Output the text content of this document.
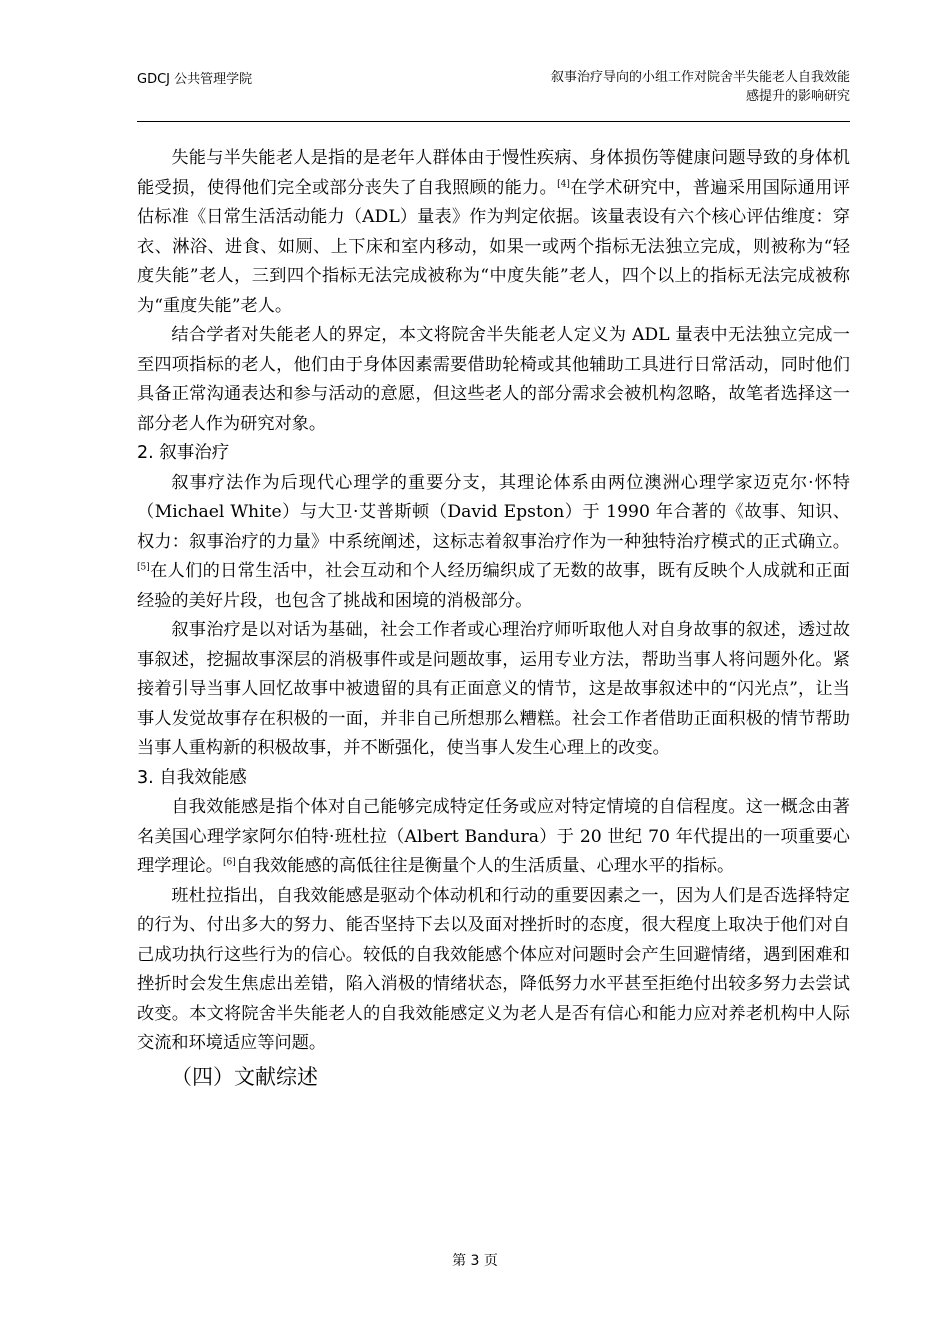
GDCJ 公共管理学院	叙事治疗导向的小组工作对院舍半失能老人自我效能感提升的影响研究

失能与半失能老人是指的是老年人群体由于慢性疾病、身体损伤等健康问题导致的身体机能受损，使得他们完全或部分丧失了自我照顾的能力。[4]在学术研究中，普遍采用国际通用评估标准《日常生活活动能力（ADL）量表》作为判定依据。该量表设有六个核心评估维度：穿衣、淋浴、进食、如厕、上下床和室内移动，如果一或两个指标无法独立完成，则被称为“轻度失能”老人，三到四个指标无法完成被称为“中度失能”老人，四个以上的指标无法完成被称为“重度失能”老人。

结合学者对失能老人的界定，本文将院舍半失能老人定义为 ADL 量表中无法独立完成一至四项指标的老人，他们由于身体因素需要借助轮椅或其他辅助工具进行日常活动，同时他们具备正常沟通表达和参与活动的意愿，但这些老人的部分需求会被机构忽略，故笔者选择这一部分老人作为研究对象。

2. 叙事治疗

叙事疗法作为后现代心理学的重要分支，其理论体系由两位澳洲心理学家迈克尔·怀特（Michael White）与大卫·艾普斯顿（David Epston）于 1990 年合著的《故事、知识、权力：叙事治疗的力量》中系统阐述，这标志着叙事治疗作为一种独特治疗模式的正式确立。[5]在人们的日常生活中，社会互动和个人经历编织成了无数的故事，既有反映个人成就和正面经验的美好片段，也包含了挑战和困境的消极部分。

叙事治疗是以对话为基础，社会工作者或心理治疗师听取他人对自身故事的叙述，透过故事叙述，挖掘故事深层的消极事件或是问题故事，运用专业方法，帮助当事人将问题外化。紧接着引导当事人回忆故事中被遗留的具有正面意义的情节，这是故事叙述中的“闪光点”，让当事人发觉故事存在积极的一面，并非自己所想那么糟糕。社会工作者借助正面积极的情节帮助当事人重构新的积极故事，并不断强化，使当事人发生心理上的改变。

3. 自我效能感

自我效能感是指个体对自己能够完成特定任务或应对特定情境的自信程度。这一概念由著名美国心理学家阿尔伯特·班杜拉（Albert Bandura）于 20 世纪 70 年代提出的一项重要心理学理论。[6]自我效能感的高低往往是衡量个人的生活质量、心理水平的指标。

班杜拉指出，自我效能感是驱动个体动机和行动的重要因素之一，因为人们是否选择特定的行为、付出多大的努力、能否坚持下去以及面对挫折时的态度，很大程度上取决于他们对自己成功执行这些行为的信心。较低的自我效能感个体应对问题时会产生回避情绪，遇到困难和挫折时会发生焦虑出差错，陷入消极的情绪状态，降低努力水平甚至拒绝付出较多努力去尝试改变。本文将院舍半失能老人的自我效能感定义为老人是否有信心和能力应对养老机构中人际交流和环境适应等问题。

（四）文献综述
第 3 页
